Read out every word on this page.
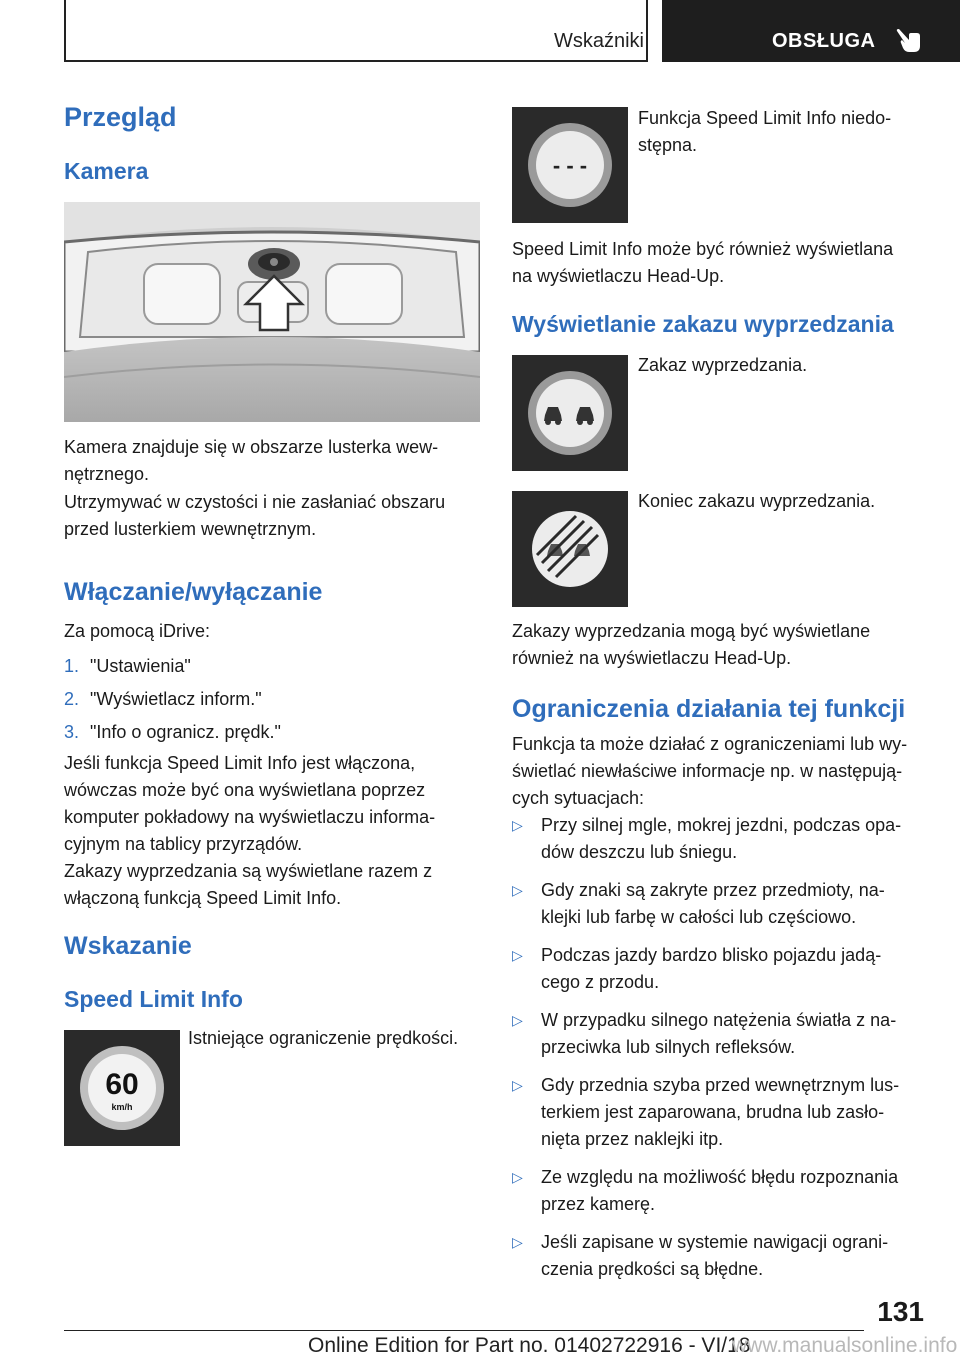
Wskaźniki	OBSŁUGA
Przegląd
Kamera

Kamera znajduje się w obszarze lusterka wew-
nętrznego.

Utrzymywać w czystości i nie zasłaniać obszaru
przed lusterkiem wewnętrznym.

Włączanie/wyłączanie

Za pomocą iDrive:

1. "Ustawienia"
2. "Wyświetlacz inform."
3. "Info o ogranicz. prędk."

Jeśli funkcja Speed Limit Info jest włączona,
wówczas może być ona wyświetlana poprzez
komputer pokładowy na wyświetlaczu informa-
cyjnym na tablicy przyrządów.

Zakazy wyprzedzania są wyświetlane razem z
włączoną funkcją Speed Limit Info.

Wskazanie
Speed Limit Info
60
km/h

Istniejące ograniczenie prędkości.

- - -

Funkcja Speed Limit Info niedo-
stępna.

Speed Limit Info może być również wyświetlana
na wyświetlaczu Head-Up.

Wyświetlanie zakazu wyprzedzania

Zakaz wyprzedzania.

Koniec zakazu wyprzedzania.

Zakazy wyprzedzania mogą być wyświetlane
również na wyświetlaczu Head-Up.

Ograniczenia działania tej funkcji

Funkcja ta może działać z ograniczeniami lub wy-
świetlać niewłaściwe informacje np. w następują-
cych sytuacjach:

▷ Przy silnej mgle, mokrej jezdni, podczas opa-
dów deszczu lub śniegu.
▷ Gdy znaki są zakryte przez przedmioty, na-
klejki lub farbę w całości lub częściowo.
▷ Podczas jazdy bardzo blisko pojazdu jadą-
cego z przodu.
▷ W przypadku silnego natężenia światła z na-
przeciwka lub silnych refleksów.
▷ Gdy przednia szyba przed wewnętrznym lus-
terkiem jest zaparowana, brudna lub zasło-
nięta przez naklejki itp.
▷ Ze względu na możliwość błędu rozpoznania
przez kamerę.
▷ Jeśli zapisane w systemie nawigacji ograni-
czenia prędkości są błędne.
131
Online Edition for Part no. 01402722916 - VI/18
www.manualsonline.info
